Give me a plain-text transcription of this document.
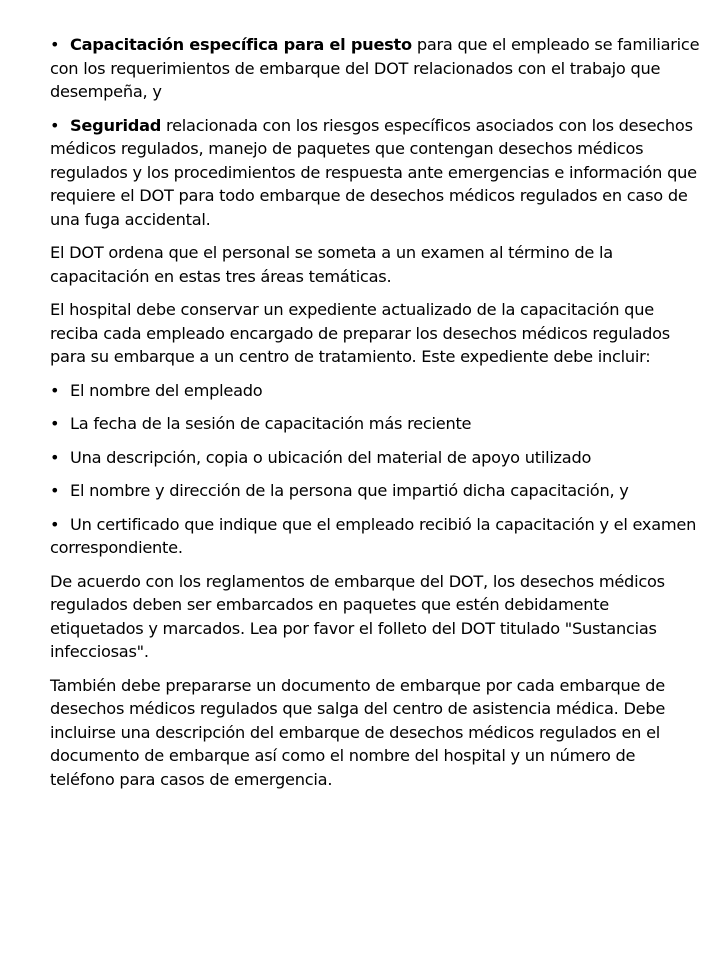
• Capacitación específica para el puesto para que el empleado se familiarice con los requerimientos de embarque del DOT relacionados con el trabajo que desempeña, y
• Seguridad relacionada con los riesgos específicos asociados con los desechos médicos regulados, manejo de paquetes que contengan desechos médicos regulados y los procedimientos de respuesta ante emergencias e información que requiere el DOT para todo embarque de desechos médicos regulados en caso de una fuga accidental.

El DOT ordena que el personal se someta a un examen al término de la capacitación en estas tres áreas temáticas.

El hospital debe conservar un expediente actualizado de la capacitación que reciba cada empleado encargado de preparar los desechos médicos regulados para su embarque a un centro de tratamiento. Este expediente debe incluir:

• El nombre del empleado
• La fecha de la sesión de capacitación más reciente
• Una descripción, copia o ubicación del material de apoyo utilizado
• El nombre y dirección de la persona que impartió dicha capacitación, y
• Un certificado que indique que el empleado recibió la capacitación y el examen correspondiente.

De acuerdo con los reglamentos de embarque del DOT, los desechos médicos regulados deben ser embarcados en paquetes que estén debidamente etiquetados y marcados. Lea por favor el folleto del DOT titulado "Sustancias infecciosas".

También debe prepararse un documento de embarque por cada embarque de desechos médicos regulados que salga del centro de asistencia médica. Debe incluirse una descripción del embarque de desechos médicos regulados en el documento de embarque así como el nombre del hospital y un número de teléfono para casos de emergencia.
